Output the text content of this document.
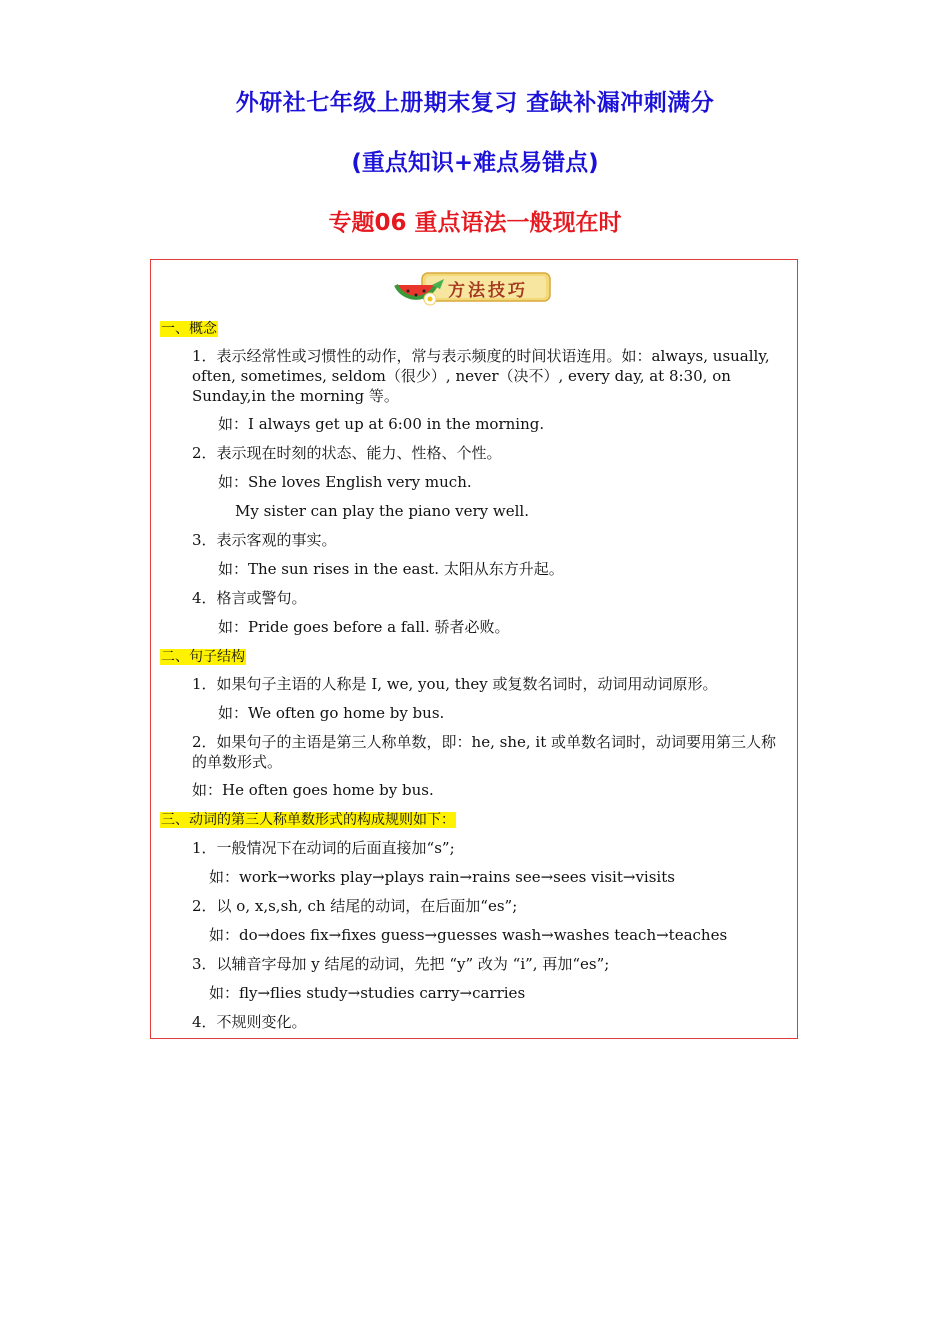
外研社七年级上册期末复习 查缺补漏冲刺满分
(重点知识+难点易错点)
专题06 重点语法一般现在时
方法技巧
一、概念
1．表示经常性或习惯性的动作，常与表示频度的时间状语连用。如：always, usually, often, sometimes, seldom（很少）, never（决不）, every day, at 8:30, on Sunday,in the morning 等。
如：I always get up at 6:00 in the morning.
2．表示现在时刻的状态、能力、性格、个性。
如：She loves English very much.
My sister can play the piano very well.
3．表示客观的事实。
如：The sun rises in the east. 太阳从东方升起。
4．格言或警句。
如：Pride goes before a fall. 骄者必败。
二、句子结构
1．如果句子主语的人称是 I, we, you, they 或复数名词时，动词用动词原形。
如：We often go home by bus.
2．如果句子的主语是第三人称单数，即：he, she, it 或单数名词时，动词要用第三人称的单数形式。
如：He often goes home by bus.
三、动词的第三人称单数形式的构成规则如下：
1．一般情况下在动词的后面直接加“s”;
如：work→works play→plays rain→rains see→sees visit→visits
2．以 o, x,s,sh, ch 结尾的动词，在后面加“es”;
如：do→does fix→fixes guess→guesses wash→washes teach→teaches
3．以辅音字母加 y 结尾的动词，先把 “y” 改为 “i”, 再加“es”;
如：fly→flies study→studies carry→carries
4．不规则变化。
